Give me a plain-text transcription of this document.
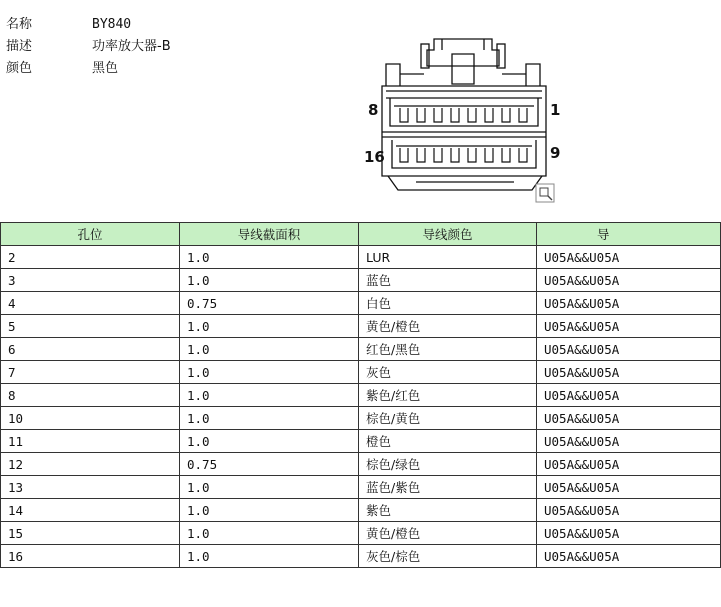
名称	BY840
描述	功率放大器-B
颜色	黑色
8	1
16	9
孔位	导线截面积	导线颜色	导
2	1.0	LUR	U05A&&U05A
3	1.0	蓝色	U05A&&U05A
4	0.75	白色	U05A&&U05A
5	1.0	黄色/橙色	U05A&&U05A
6	1.0	红色/黑色	U05A&&U05A
7	1.0	灰色	U05A&&U05A
8	1.0	紫色/红色	U05A&&U05A
10	1.0	棕色/黄色	U05A&&U05A
11	1.0	橙色	U05A&&U05A
12	0.75	棕色/绿色	U05A&&U05A
13	1.0	蓝色/紫色	U05A&&U05A
14	1.0	紫色	U05A&&U05A
15	1.0	黄色/橙色	U05A&&U05A
16	1.0	灰色/棕色	U05A&&U05A
